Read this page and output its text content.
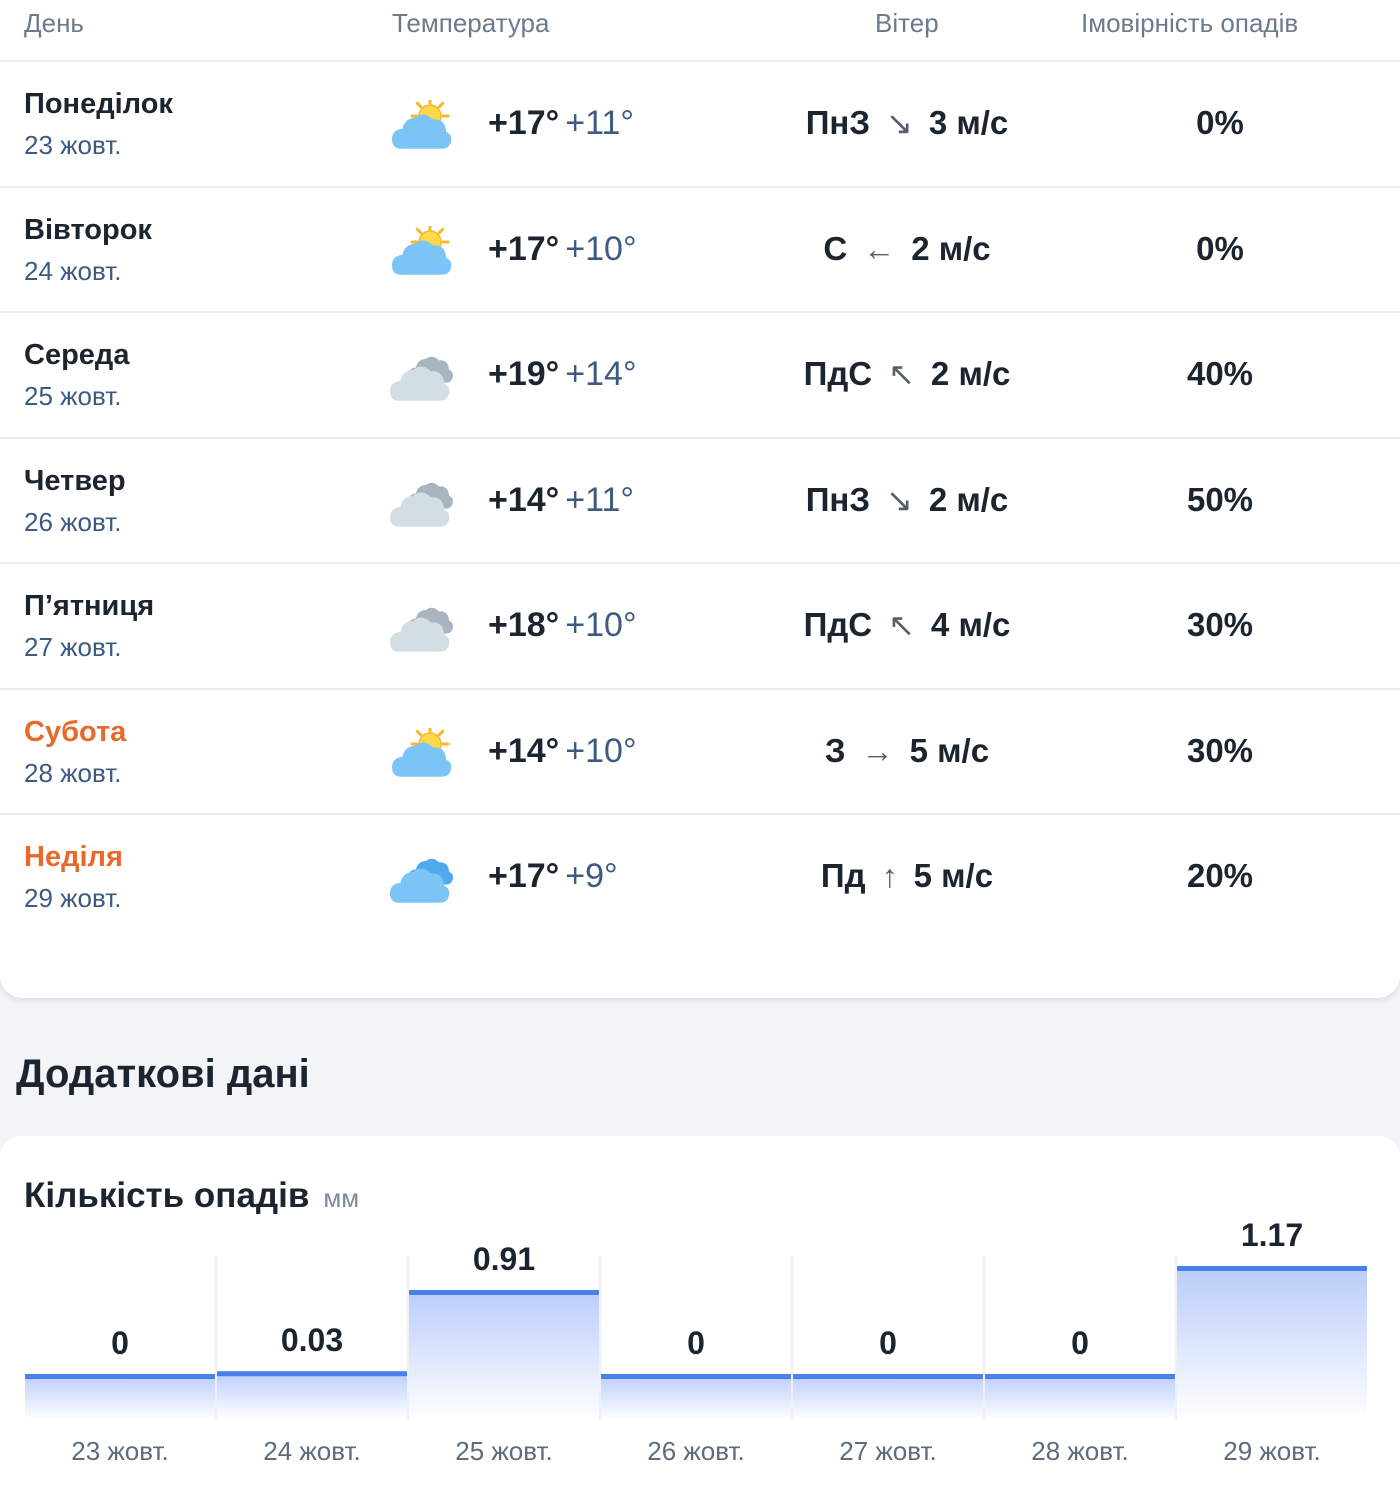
День	Температура	Вітер	Імовірність опадів
Понеділок
23 жовт.
+17° +11°	ПнЗ ↘ 3 м/с	0%
Вівторок
24 жовт.
+17° +10°	С ← 2 м/с	0%
Середа
25 жовт.
+19° +14°	ПдС ↖ 2 м/с	40%
Четвер
26 жовт.
+14° +11°	ПнЗ ↘ 2 м/с	50%
П’ятниця
27 жовт.
+18° +10°	ПдС ↖ 4 м/с	30%
Субота
28 жовт.
+14° +10°	З → 5 м/с	30%
Неділя
29 жовт.
+17° +9°	Пд ↑ 5 м/с	20%
Додаткові дані
0
23 жовт.
0.03
24 жовт.
0.91
25 жовт.
0
26 жовт.
0
27 жовт.
0
28 жовт.
1.17
29 жовт.
Кількість опадів мм
